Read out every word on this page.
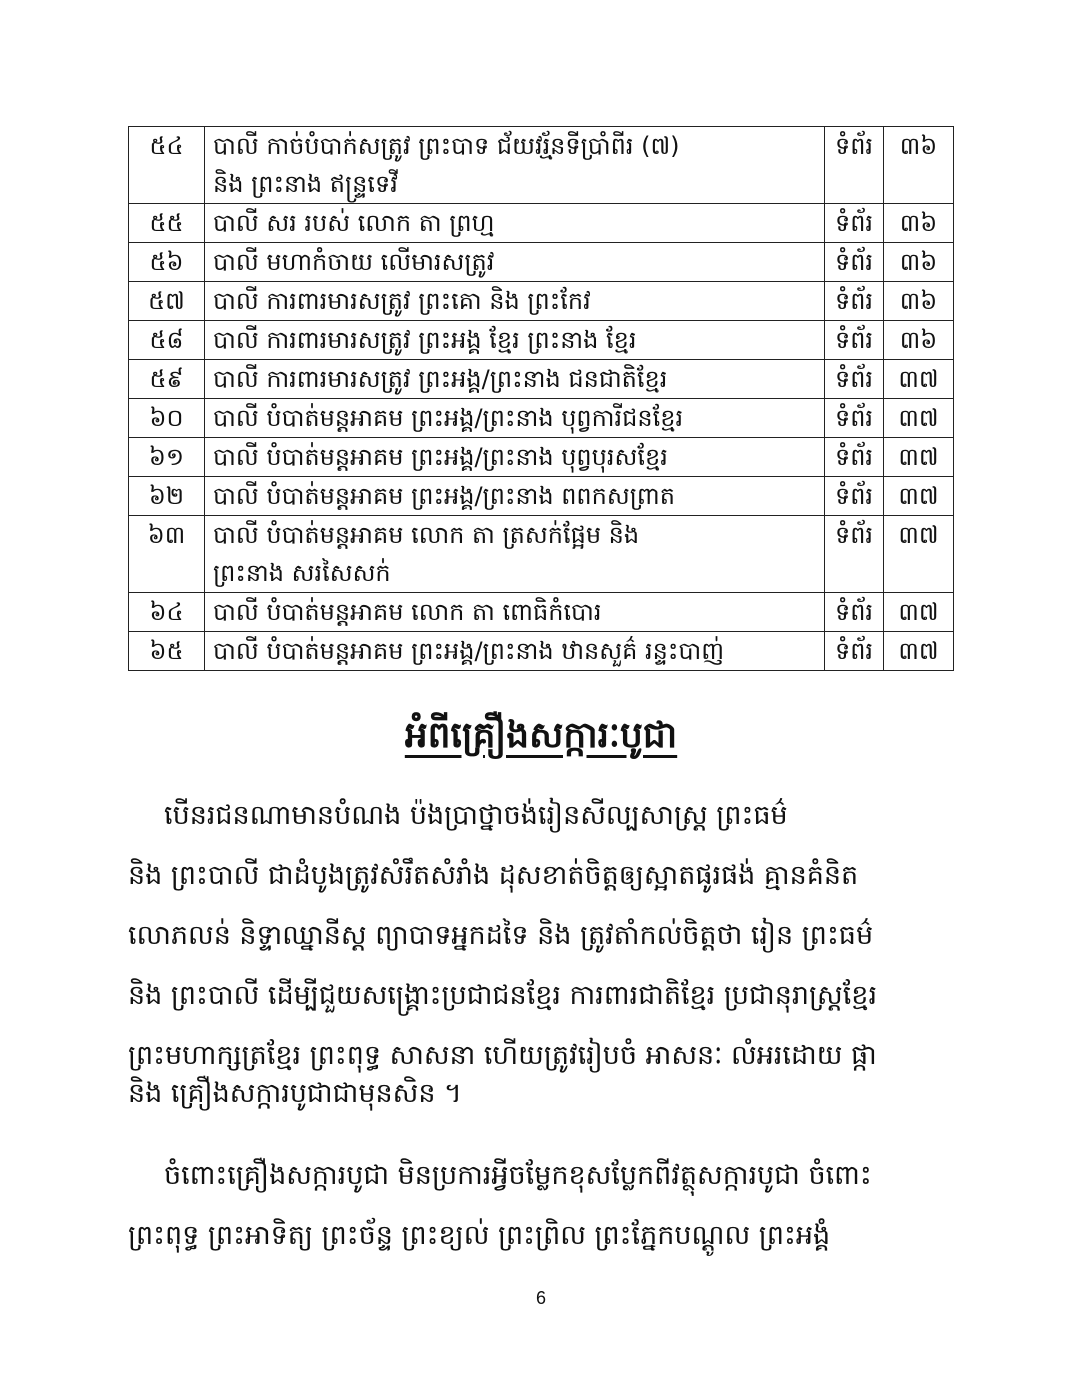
៥៤	បាលី កាច់បំបាក់សត្រូវ ព្រះបាទ ជ័យវរ្ម័នទីប្រាំពីរ (៧)
និង ព្រះនាង ឥន្ទ្រទេវី	ទំព័រ	៣៦
៥៥	បាលី សរ របស់ លោក តា ព្រហ្ម	ទំព័រ	៣៦
៥៦	បាលី មហាកំចាយ លើមារសត្រូវ	ទំព័រ	៣៦
៥៧	បាលី ការពារមារសត្រូវ ព្រះគោ និង ព្រះកែវ	ទំព័រ	៣៦
៥៨	បាលី ការពារមារសត្រូវ ព្រះអង្គ ខ្មែរ ព្រះនាង ខ្មែរ	ទំព័រ	៣៦
៥៩	បាលី ការពារមារសត្រូវ ព្រះអង្គ/ព្រះនាង ជនជាតិខ្មែរ	ទំព័រ	៣៧
៦០	បាលី បំបាត់មន្តអាគម ព្រះអង្គ/ព្រះនាង បុព្វការីជនខ្មែរ	ទំព័រ	៣៧
៦១	បាលី បំបាត់មន្តអាគម ព្រះអង្គ/ព្រះនាង បុព្វបុរសខ្មែរ	ទំព័រ	៣៧
៦២	បាលី បំបាត់មន្តអាគម ព្រះអង្គ/ព្រះនាង ពពកសព្រាត	ទំព័រ	៣៧
៦៣	បាលី បំបាត់មន្តអាគម លោក តា ត្រសក់ផ្អែម និង
ព្រះនាង សរសៃសក់	ទំព័រ	៣៧
៦៤	បាលី បំបាត់មន្តអាគម លោក តា ពោធិកំបោរ	ទំព័រ	៣៧
៦៥	បាលី បំបាត់មន្តអាគម ព្រះអង្គ/ព្រះនាង ឋានសួគ៌ រន្ទះបាញ់	ទំព័រ	៣៧
អំពីគ្រឿងសក្ការៈបូជា

បើនរជនណាមានបំណង ប៉ងប្រាថ្នាចង់រៀនសីល្បសាស្ត្រ ព្រះធម៌

និង ព្រះបាលី ជាដំបូងត្រូវសំរឹតសំរាំង ដុសខាត់ចិត្តឲ្យស្អាតផូរផង់ គ្មានគំនិត

លោភលន់ និទ្ទាឈ្នានីស្ត ព្យាបាទអ្នកដទៃ និង ត្រូវតាំកល់ចិត្តថា រៀន ព្រះធម៌

និង ព្រះបាលី ដើម្បីជួយសង្គ្រោះប្រជាជនខ្មែរ ការពារជាតិខ្មែរ ប្រជានុរាស្ត្រខ្មែរ

ព្រះមហាក្សត្រខ្មែរ ព្រះពុទ្ធ សាសនា ហើយត្រូវរៀបចំ អាសនៈ លំអរដោយ ផ្កា

និង គ្រឿងសក្ការបូជាជាមុនសិន ។

ចំពោះគ្រឿងសក្ការបូជា មិនប្រការអ្វីចម្លែកខុសប្លែកពីវត្ថុសក្ការបូជា ចំពោះ

ព្រះពុទ្ធ ព្រះអាទិត្យ ព្រះច័ន្ទ ព្រះខ្យល់ ព្រះព្រិល ព្រះភ្នែកបណ្តូល ព្រះអង្គំ

6
